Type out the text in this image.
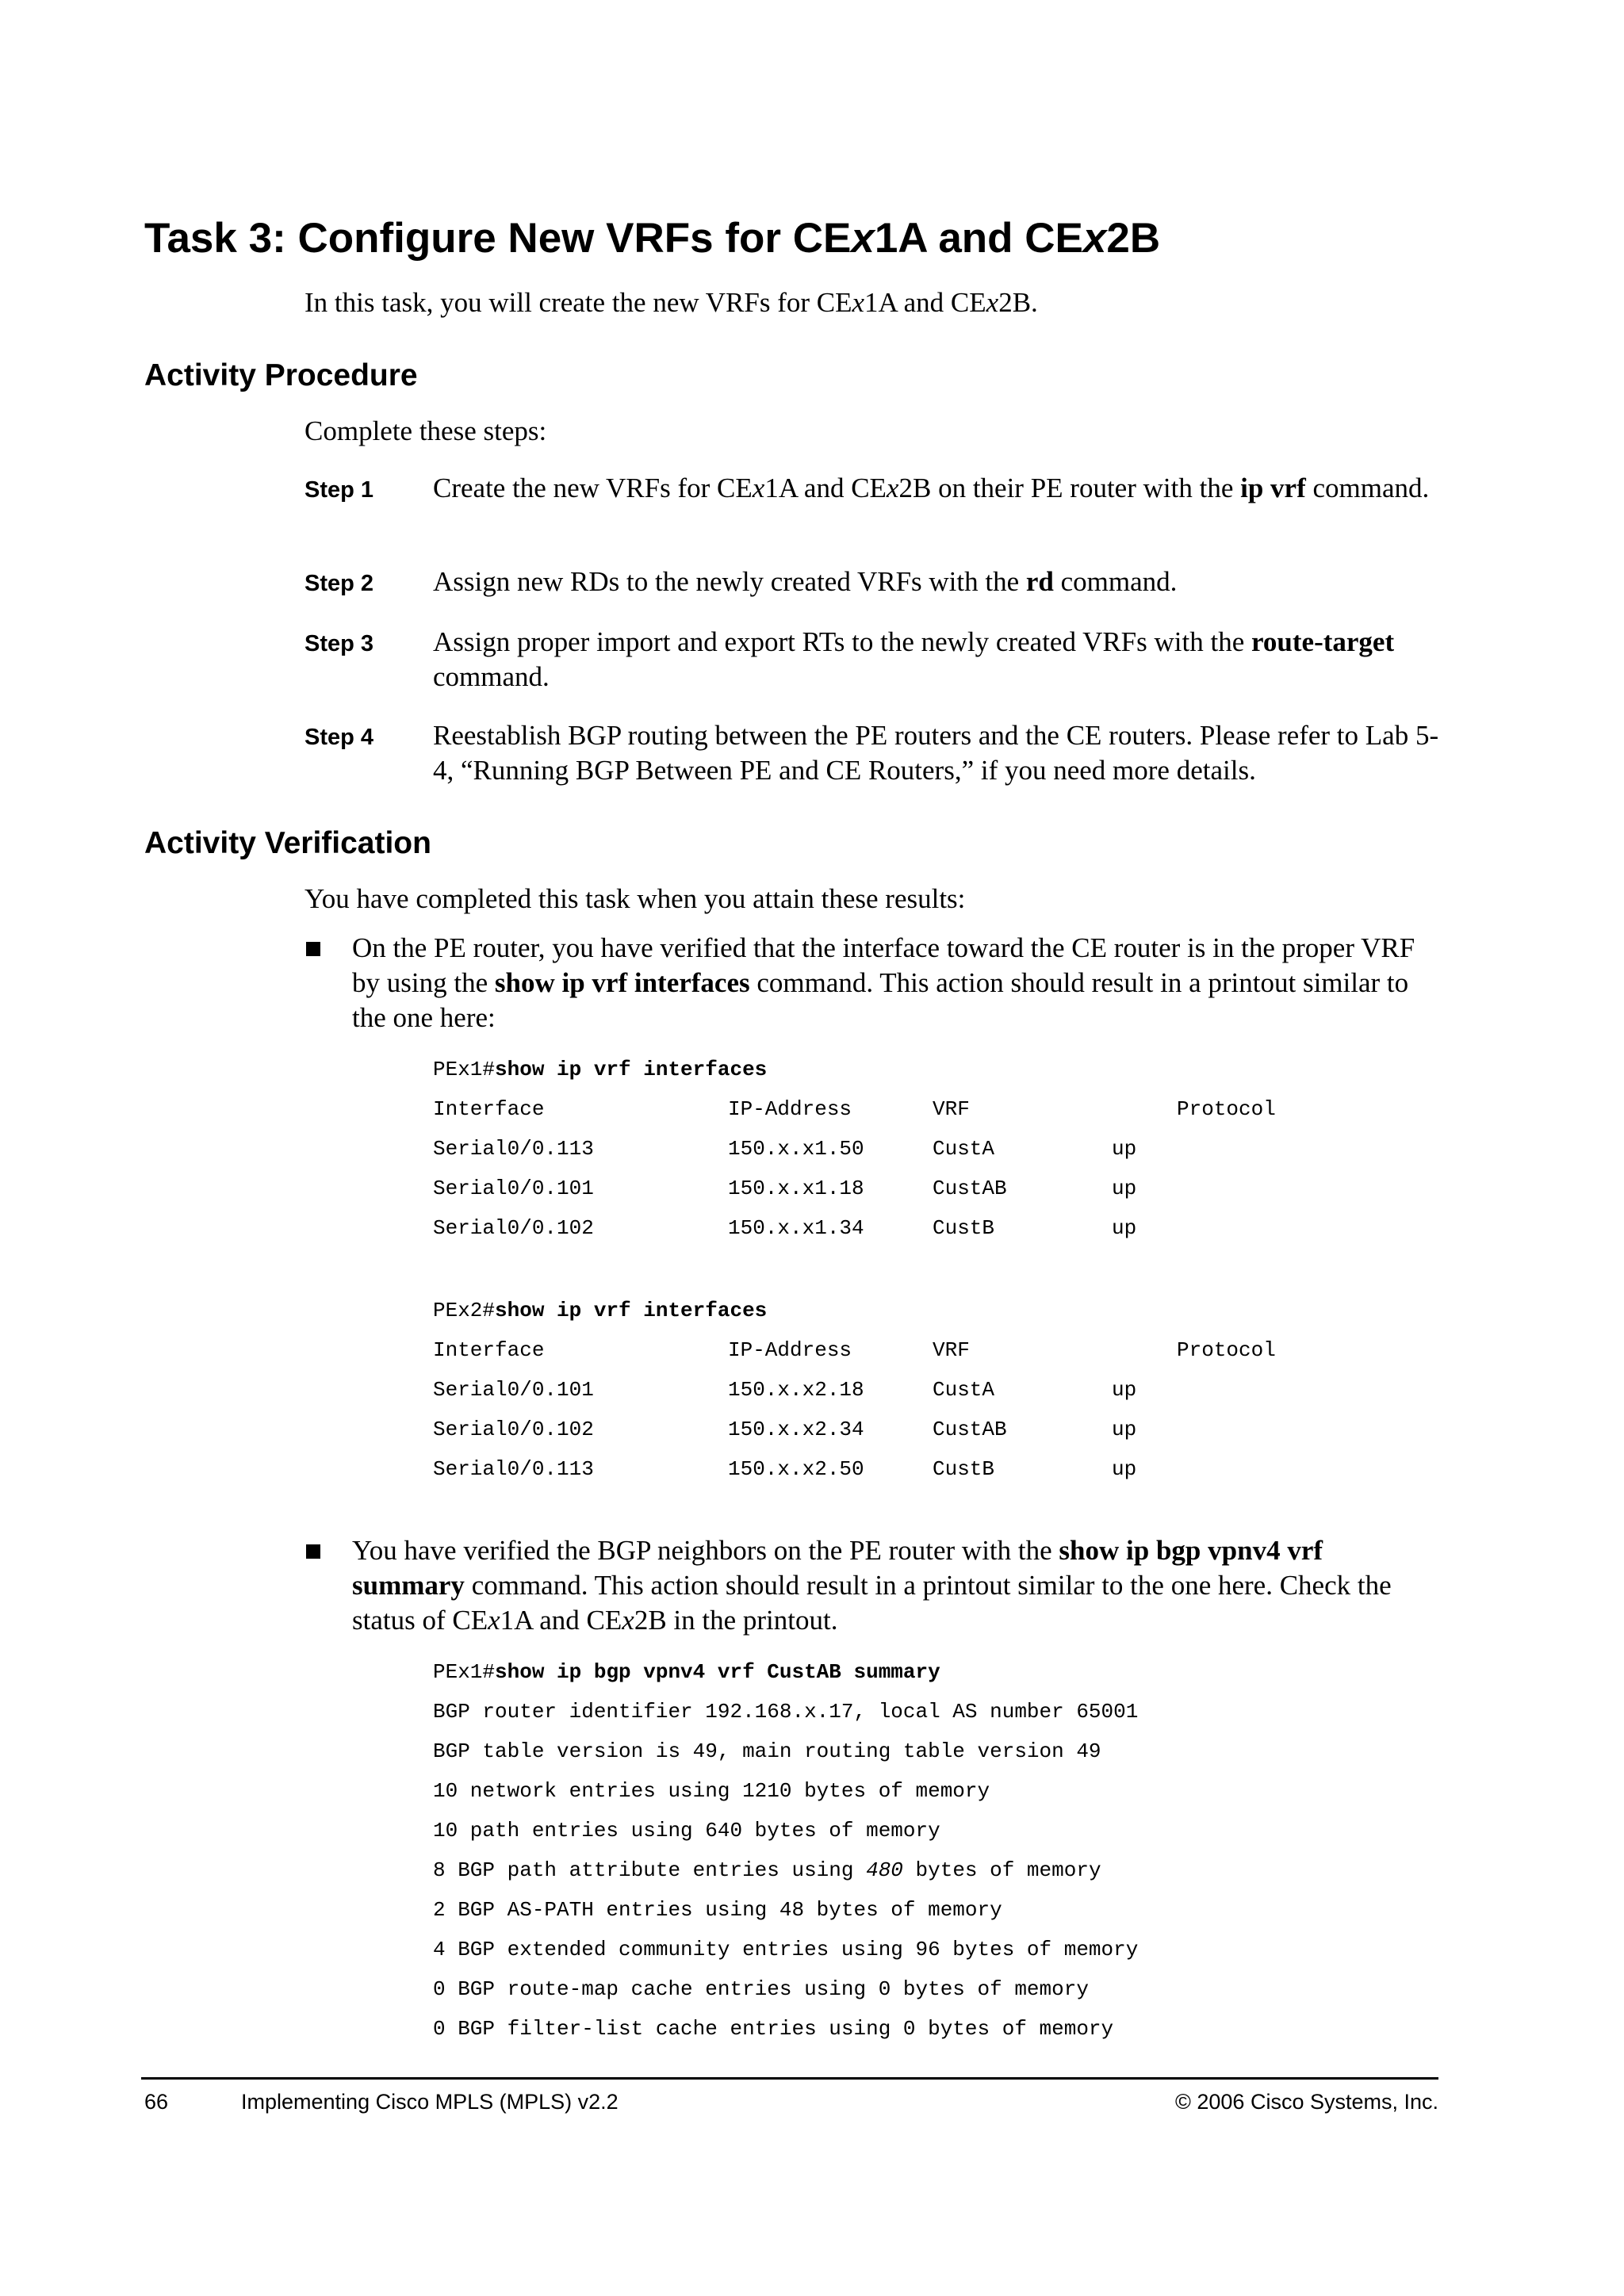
Task 3: Configure New VRFs for CEx1A and CEx2B

In this task, you will create the new VRFs for CEx1A and CEx2B.

Activity Procedure

Complete these steps:

Step 1 Create the new VRFs for CEx1A and CEx2B on their PE router with the ip vrf command.

Step 2 Assign new RDs to the newly created VRFs with the rd command.

Step 3 Assign proper import and export RTs to the newly created VRFs with the route-target command.

Step 4 Reestablish BGP routing between the PE routers and the CE routers. Please refer to Lab 5-4, “Running BGP Between PE and CE Routers,” if you need more details.

Activity Verification

You have completed this task when you attain these results:

On the PE router, you have verified that the interface toward the CE router is in the proper VRF by using the show ip vrf interfaces command. This action should result in a printout similar to the one here:

PEx1#show ip vrf interfaces
Interface	IP-Address	VRF	Protocol
Serial0/0.113	150.x.x1.50	CustA	up
Serial0/0.101	150.x.x1.18	CustAB	up
Serial0/0.102	150.x.x1.34	CustB	up
PEx2#show ip vrf interfaces
Interface	IP-Address	VRF	Protocol
Serial0/0.101	150.x.x2.18	CustA	up
Serial0/0.102	150.x.x2.34	CustAB	up
Serial0/0.113	150.x.x2.50	CustB	up

You have verified the BGP neighbors on the PE router with the show ip bgp vpnv4 vrf summary command. This action should result in a printout similar to the one here. Check the status of CEx1A and CEx2B in the printout.

PEx1#show ip bgp vpnv4 vrf CustAB summary
BGP router identifier 192.168.x.17, local AS number 65001
BGP table version is 49, main routing table version 49
10 network entries using 1210 bytes of memory
10 path entries using 640 bytes of memory
8 BGP path attribute entries using 480 bytes of memory
2 BGP AS-PATH entries using 48 bytes of memory
4 BGP extended community entries using 96 bytes of memory
0 BGP route-map cache entries using 0 bytes of memory
0 BGP filter-list cache entries using 0 bytes of memory
66	Implementing Cisco MPLS (MPLS) v2.2	© 2006 Cisco Systems, Inc.
